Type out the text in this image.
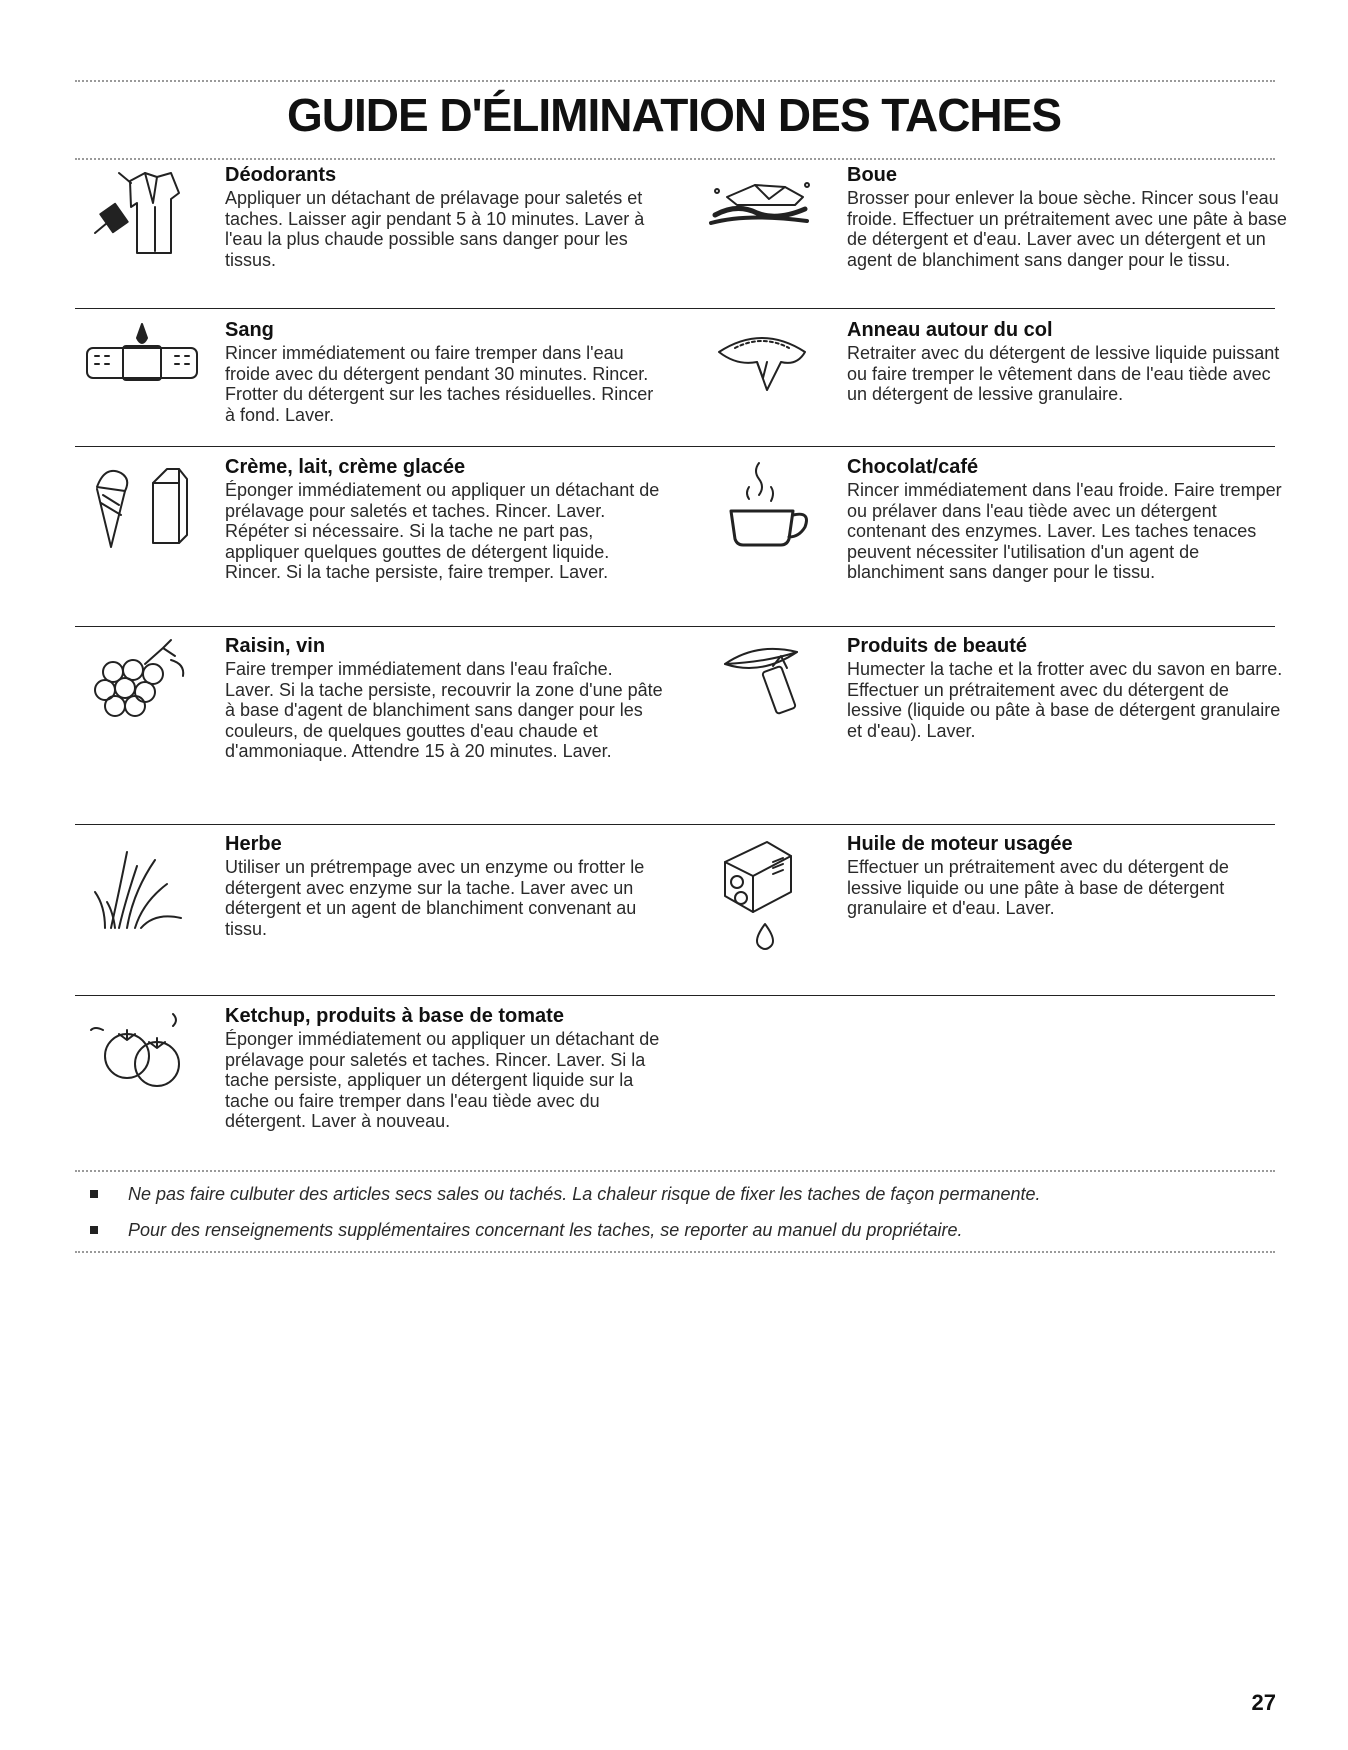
GUIDE D'ÉLIMINATION DES TACHES
Déodorants

Appliquer un détachant de prélavage pour saletés et taches. Laisser agir pendant 5 à 10 minutes. Laver à l'eau la plus chaude possible sans danger pour les tissus.

Boue

Brosser pour enlever la boue sèche. Rincer sous l'eau froide. Effectuer un prétraitement avec une pâte à base de détergent et d'eau. Laver avec un détergent et un agent de blanchiment sans danger pour le tissu.

Sang

Rincer immédiatement ou faire tremper dans l'eau froide avec du détergent pendant 30 minutes. Rincer. Frotter du détergent sur les taches résiduelles. Rincer à fond. Laver.

Anneau autour du col

Retraiter avec du détergent de lessive liquide puissant ou faire tremper le vêtement dans de l'eau tiède avec un détergent de lessive granulaire.

Crème, lait, crème glacée

Éponger immédiatement ou appliquer un détachant de prélavage pour saletés et taches. Rincer. Laver. Répéter si nécessaire. Si la tache ne part pas, appliquer quelques gouttes de détergent liquide. Rincer. Si la tache persiste, faire tremper. Laver.

Chocolat/café

Rincer immédiatement dans l'eau froide. Faire tremper ou prélaver dans l'eau tiède avec un détergent contenant des enzymes. Laver. Les taches tenaces peuvent nécessiter l'utilisation d'un agent de blanchiment sans danger pour le tissu.

Raisin, vin

Faire tremper immédiatement dans l'eau fraîche. Laver. Si la tache persiste, recouvrir la zone d'une pâte à base d'agent de blanchiment sans danger pour les couleurs, de quelques gouttes d'eau chaude et d'ammoniaque. Attendre 15 à 20 minutes. Laver.

Produits de beauté

Humecter la tache et la frotter avec du savon en barre. Effectuer un prétraitement avec du détergent de lessive (liquide ou pâte à base de détergent granulaire et d'eau). Laver.

Herbe

Utiliser un prétrempage avec un enzyme ou frotter le détergent avec enzyme sur la tache. Laver avec un détergent et un agent de blanchiment convenant au tissu.

Huile de moteur usagée

Effectuer un prétraitement avec du détergent de lessive liquide ou une pâte à base de détergent granulaire et d'eau. Laver.

Ketchup, produits à base de tomate

Éponger immédiatement ou appliquer un détachant de prélavage pour saletés et taches. Rincer. Laver. Si la tache persiste, appliquer un détergent liquide sur la tache ou faire tremper dans l'eau tiède avec du détergent. Laver à nouveau.

Ne pas faire culbuter des articles secs sales ou tachés. La chaleur risque de fixer les taches de façon permanente.
Pour des renseignements supplémentaires concernant les taches, se reporter au manuel du propriétaire.
27
